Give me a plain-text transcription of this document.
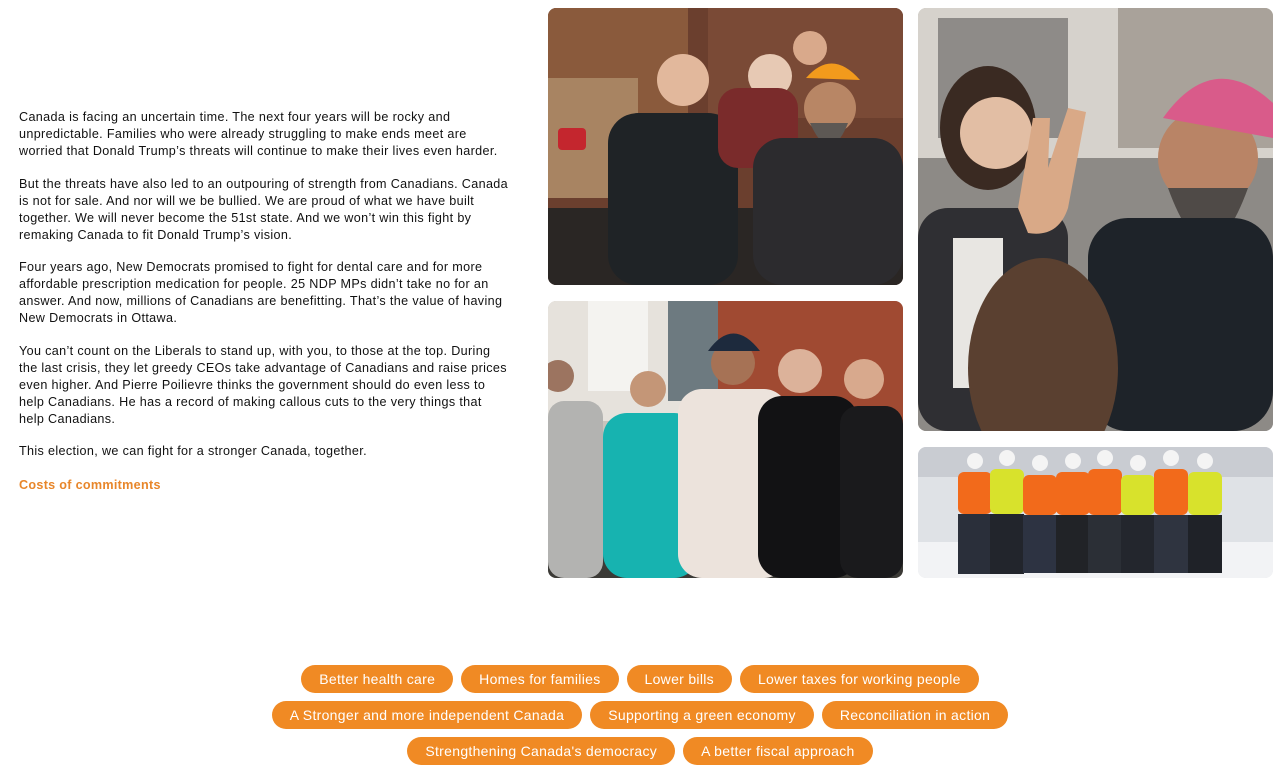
Canada is facing an uncertain time. The next four years will be rocky and unpredictable. Families who were already struggling to make ends meet are worried that Donald Trump’s threats will continue to make their lives even harder.

But the threats have also led to an outpouring of strength from Canadians. Canada is not for sale. And nor will we be bullied. We are proud of what we have built together. We will never become the 51st state. And we won’t win this fight by remaking Canada to fit Donald Trump’s vision.

Four years ago, New Democrats promised to fight for dental care and for more affordable prescription medication for people. 25 NDP MPs didn’t take no for an answer. And now, millions of Canadians are benefitting. That’s the value of having New Democrats in Ottawa.

You can’t count on the Liberals to stand up, with you, to those at the top. During the last crisis, they let greedy CEOs take advantage of Canadians and raise prices even higher. And Pierre Poilievre thinks the government should do even less to help Canadians. He has a record of making callous cuts to the very things that help Canadians.

This election, we can fight for a stronger Canada, together.

Costs of commitments
Better health care	Homes for families	Lower bills	Lower taxes for working people
A Stronger and more independent Canada	Supporting a green economy	Reconciliation in action
Strengthening Canada's democracy	A better fiscal approach
